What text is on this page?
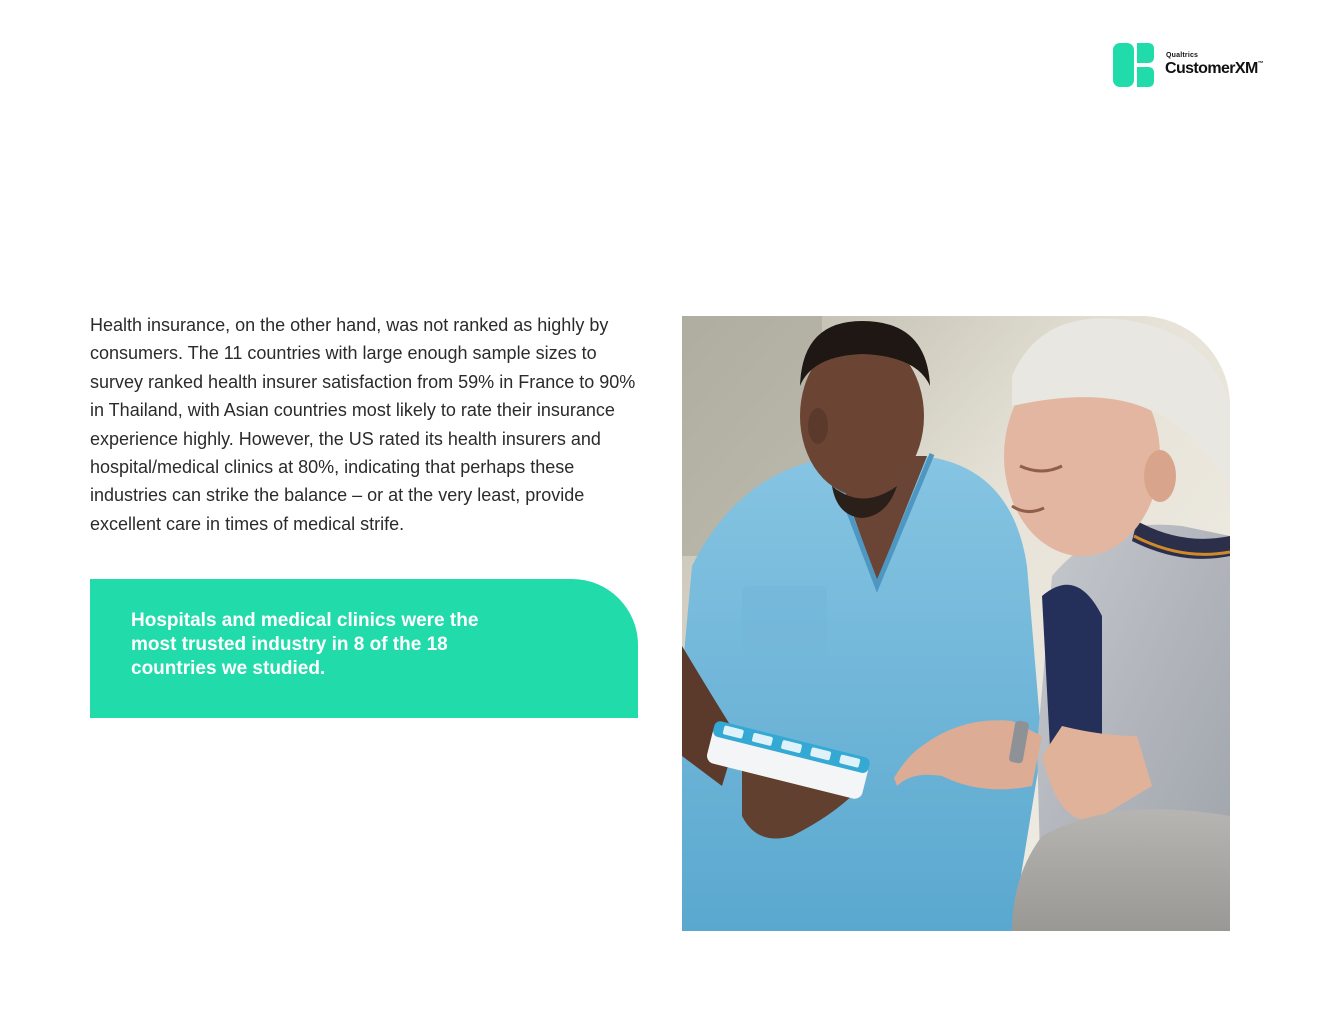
Qualtrics
CustomerXM™

Health insurance, on the other hand, was not ranked as highly by consumers. The 11 countries with large enough sample sizes to survey ranked health insurer satisfaction from 59% in France to 90% in Thailand, with Asian countries most likely to rate their insurance experience highly. However, the US rated its health insurers and hospital/medical clinics at 80%, indicating that perhaps these industries can strike the balance – or at the very least, provide excellent care in times of medical strife.

Hospitals and medical clinics were the most trusted industry in 8 of the 18 countries we studied.
